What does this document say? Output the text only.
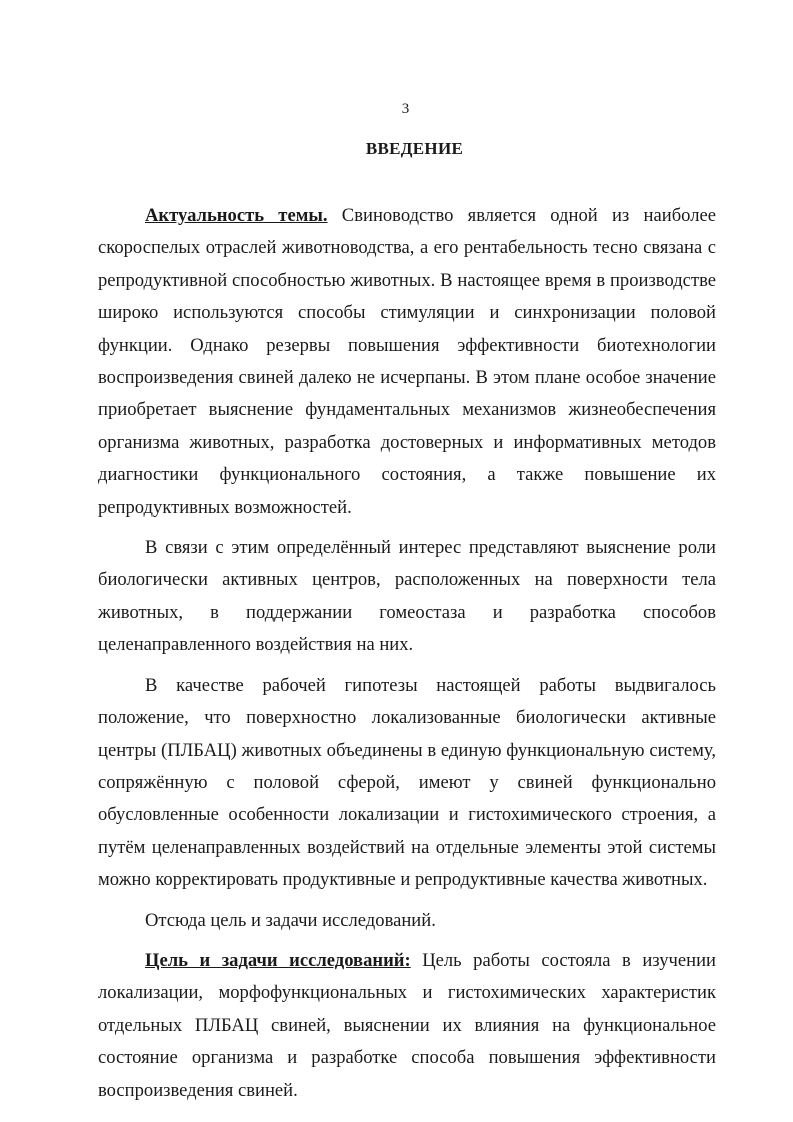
3
ВВЕДЕНИЕ

Актуальность темы. Свиноводство является одной из наиболее скороспелых отраслей животноводства, а его рентабельность тесно связана с репродуктивной способностью животных. В настоящее время в производстве широко используются способы стимуляции и синхронизации половой функции. Однако резервы повышения эффективности биотехнологии воспроизведения свиней далеко не исчерпаны. В этом плане особое значение приобретает выяснение фундаментальных механизмов жизнеобеспечения организма животных, разработка достоверных и информативных методов диагностики функционального состояния, а также повышение их репродуктивных возможностей.

В связи с этим определённый интерес представляют выяснение роли биологически активных центров, расположенных на поверхности тела животных, в поддержании гомеостаза и разработка способов целенаправленного воздействия на них.

В качестве рабочей гипотезы настоящей работы выдвигалось положение, что поверхностно локализованные биологически активные центры (ПЛБАЦ) животных объединены в единую функциональную систему, сопряжённую с половой сферой, имеют у свиней функционально обусловленные особенности локализации и гистохимического строения, а путём целенаправленных воздействий на отдельные элементы этой системы можно корректировать продуктивные и репродуктивные качества животных.

Отсюда цель и задачи исследований.

Цель и задачи исследований: Цель работы состояла в изучении локализации, морфофункциональных и гистохимических характеристик отдельных ПЛБАЦ свиней, выяснении их влияния на функциональное состояние организма и разработке способа повышения эффективности воспроизведения свиней.
